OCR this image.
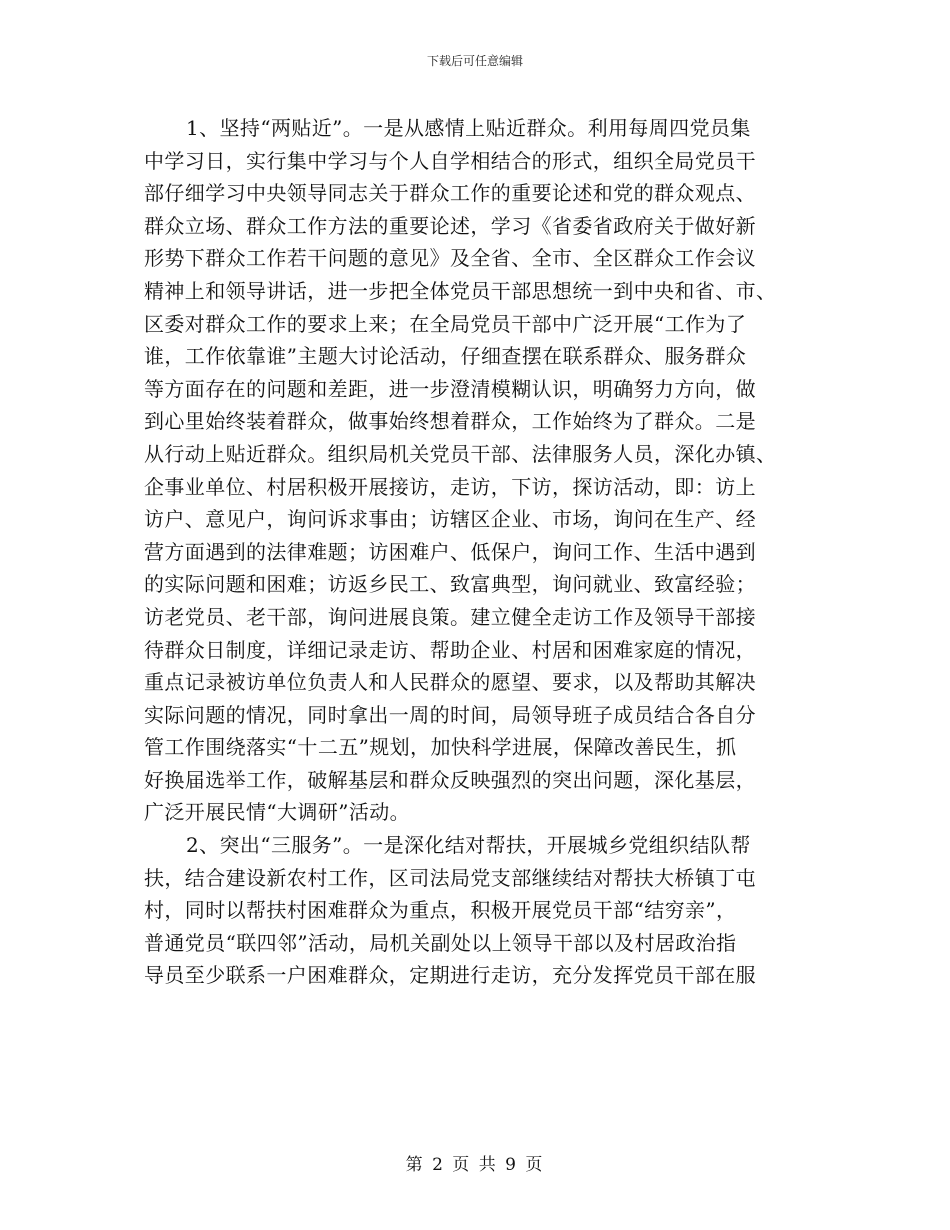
下载后可任意编辑
1、坚持“两贴近”。一是从感情上贴近群众。利用每周四党员集
中学习日，实行集中学习与个人自学相结合的形式，组织全局党员干
部仔细学习中央领导同志关于群众工作的重要论述和党的群众观点、
群众立场、群众工作方法的重要论述，学习《省委省政府关于做好新
形势下群众工作若干问题的意见》及全省、全市、全区群众工作会议
精神上和领导讲话，进一步把全体党员干部思想统一到中央和省、市、
区委对群众工作的要求上来；在全局党员干部中广泛开展“工作为了
谁，工作依靠谁”主题大讨论活动，仔细查摆在联系群众、服务群众
等方面存在的问题和差距，进一步澄清模糊认识，明确努力方向，做
到心里始终装着群众，做事始终想着群众，工作始终为了群众。二是
从行动上贴近群众。组织局机关党员干部、法律服务人员，深化办镇、
企事业单位、村居积极开展接访，走访，下访，探访活动，即：访上
访户、意见户，询问诉求事由；访辖区企业、市场，询问在生产、经
营方面遇到的法律难题；访困难户、低保户，询问工作、生活中遇到
的实际问题和困难；访返乡民工、致富典型，询问就业、致富经验；
访老党员、老干部，询问进展良策。建立健全走访工作及领导干部接
待群众日制度，详细记录走访、帮助企业、村居和困难家庭的情况，
重点记录被访单位负责人和人民群众的愿望、要求，以及帮助其解决
实际问题的情况，同时拿出一周的时间，局领导班子成员结合各自分
管工作围绕落实“十二五”规划，加快科学进展，保障改善民生，抓
好换届选举工作，破解基层和群众反映强烈的突出问题，深化基层，
广泛开展民情“大调研”活动。
2、突出“三服务”。一是深化结对帮扶，开展城乡党组织结队帮
扶，结合建设新农村工作，区司法局党支部继续结对帮扶大桥镇丁屯
村，同时以帮扶村困难群众为重点，积极开展党员干部“结穷亲”，
普通党员“联四邻”活动，局机关副处以上领导干部以及村居政治指
导员至少联系一户困难群众，定期进行走访，充分发挥党员干部在服
第 2 页 共 9 页
